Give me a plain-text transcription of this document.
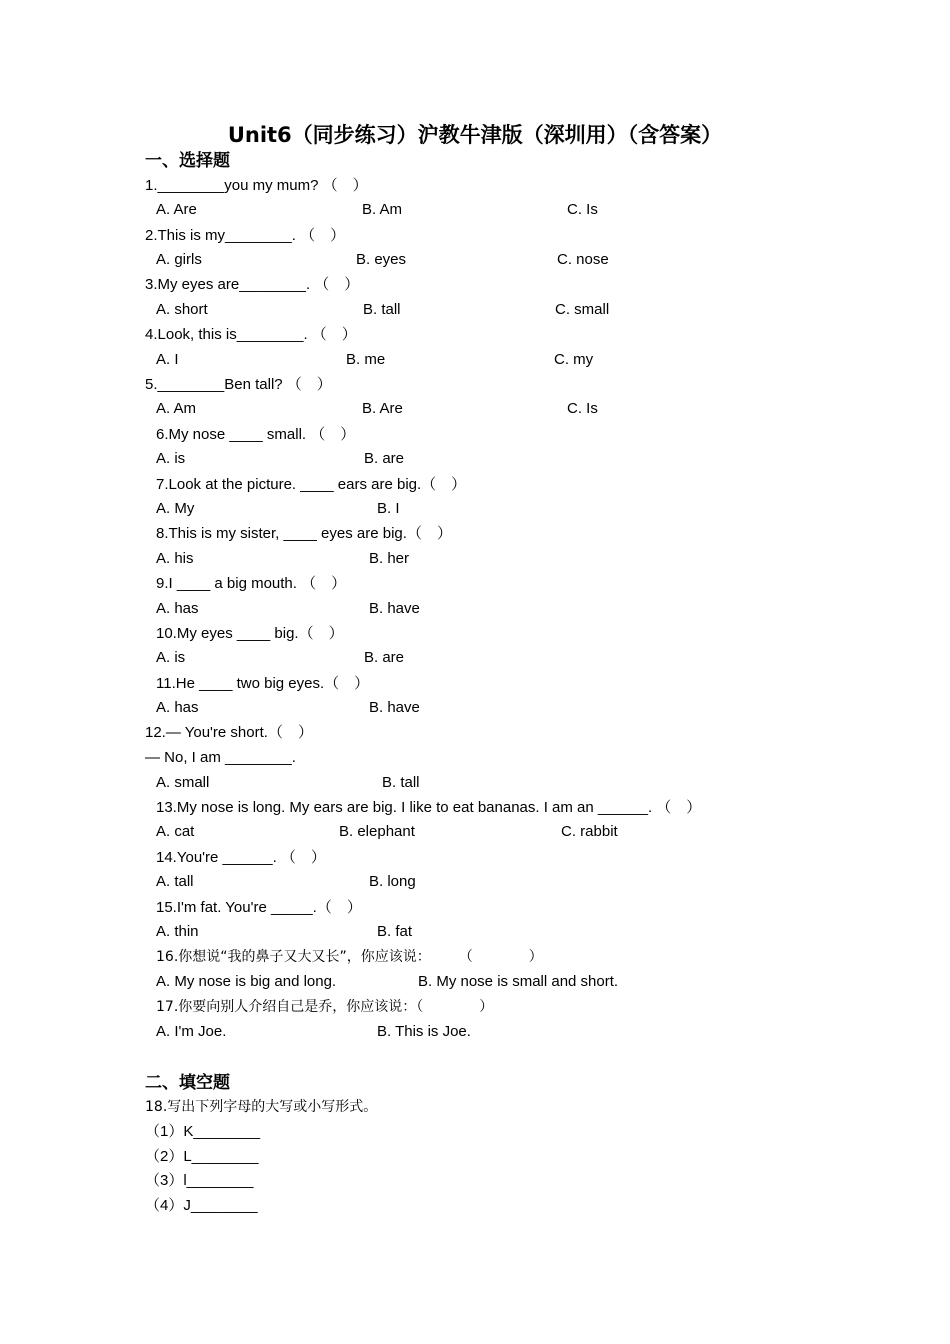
Unit6（同步练习）沪教牛津版（深圳用）（含答案）
一、选择题
1.________you my mum? （　）
A. Are	B. Am	C. Is
2.This is my________. （　）
A. girls	B. eyes	C. nose
3.My eyes are________. （　）
A. short	B. tall	C. small
4.Look, this is________. （　）
A. I	B. me	C. my
5.________Ben tall? （　）
A. Am	B. Are	C. Is
6.My nose ____ small. （　）
A. is	B. are
7.Look at the picture. ____ ears are big.（　）
A. My	B. I
8.This is my sister, ____ eyes are big.（　）
A. his	B. her
9.I ____ a big mouth. （　）
A. has	B. have
10.My eyes ____ big.（　）
A. is	B. are
11.He ____ two big eyes.（　）
A. has	B. have
12.— You're short.（　）
— No, I am ________.
A. small	B. tall
13.My nose is long. My ears are big. I like to eat bananas. I am an ______. （　）
A. cat	B. elephant	C. rabbit
14.You're ______. （　）
A. tall	B. long
15.I'm fat. You're _____.（　）
A. thin	B. fat
16.你想说“我的鼻子又大又长”，你应该说：　　　（　　　　）
A. My nose is big and long.	B. My nose is small and short.
17.你要向别人介绍自己是乔，你应该说：（　　　　）
A. I'm Joe.	B. This is Joe.
二、填空题
18.写出下列字母的大写或小写形式。
（1）K________
（2）L________
（3）l________
（4）J________
